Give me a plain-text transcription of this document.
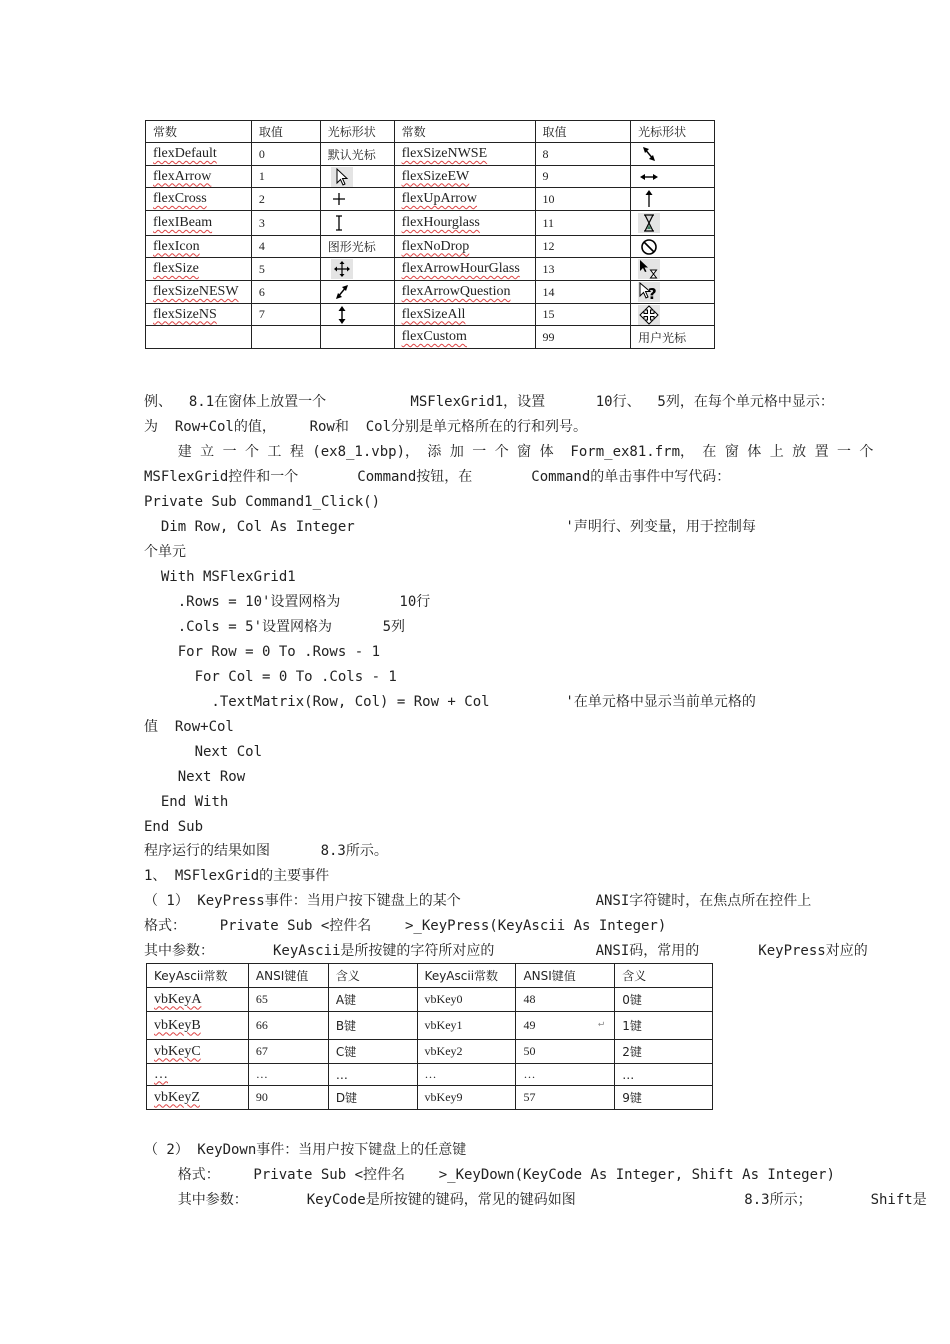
常数	取值	光标形状	常数	取值	光标形状
flexDefault	0	默认光标	flexSizeNWSE	8	
flexArrow	1		flexSizeEW	9	
flexCross	2		flexUpArrow	10	
flexIBeam	3		flexHourglass	11	
flexIcon	4	图形光标	flexNoDrop	12	
flexSize	5		flexArrowHourGlass	13	
flexSizeNESW	6		flexArrowQuestion	14	?

flexSizeNS	7		flexSizeAll	15	
			flexCustom	99	用户光标
例、  8.1在窗体上放置一个          MSFlexGrid1，设置      10行、  5列，在每个单元格中显示：
为  Row+Col的值，    Row和  Col分别是单元格所在的行和列号。
建 立 一 个 工 程 (ex8_1.vbp)， 添 加 一 个 窗 体  Form_ex81.frm， 在 窗 体 上 放 置 一 个
MSFlexGrid控件和一个       Command按钮，在       Command的单击事件中写代码：
Private Sub Command1_Click()
Dim Row, Col As Integer                         '声明行、列变量，用于控制每
个单元
With MSFlexGrid1
.Rows = 10'设置网格为       10行
.Cols = 5'设置网格为      5列
For Row = 0 To .Rows - 1
For Col = 0 To .Cols - 1
.TextMatrix(Row, Col) = Row + Col         '在单元格中显示当前单元格的
值  Row+Col
Next Col
Next Row
End With
End Sub
程序运行的结果如图      8.3所示。
1、 MSFlexGrid的主要事件
（ 1） KeyPress事件：当用户按下键盘上的某个                ANSI字符键时，在焦点所在控件上
格式：    Private Sub <控件名    >_KeyPress(KeyAscii As Integer)
其中参数：       KeyAscii是所按键的字符所对应的            ANSI码，常用的       KeyPress对应的
（ 2） KeyDown事件：当用户按下键盘上的任意键
格式：    Private Sub <控件名    >_KeyDown(KeyCode As Integer, Shift As Integer)
其中参数：       KeyCode是所按键的键码，常见的键码如图                    8.3所示；       Shift是
KeyAscii常数	ANSI键值	含义	KeyAscii常数	ANSI键值	含义
vbKeyA	65	A键	vbKey0	48	0键
vbKeyB	66	B键	vbKey1	49	1键
vbKeyC	67	C键	vbKey2	50	2键
…	…	…	…	…	…
vbKeyZ	90	D键	vbKey9	57	9键
↵
